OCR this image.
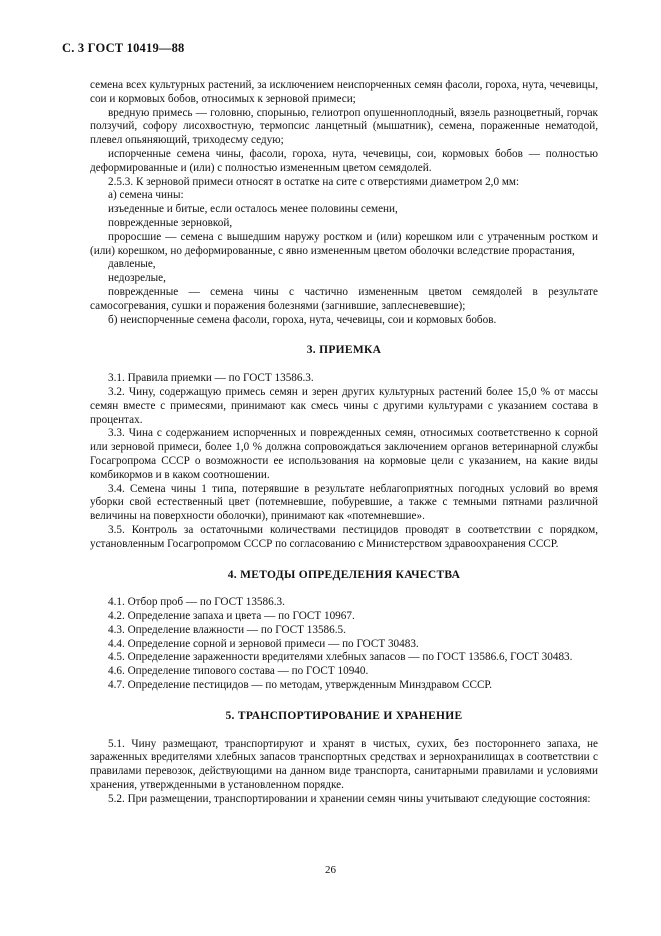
С. 3 ГОСТ 10419—88

семена всех культурных растений, за исключением неиспорченных семян фасоли, гороха, нута, чечевицы, сои и кормовых бобов, относимых к зерновой примеси;

вредную примесь — головню, спорынью, гелиотроп опушенноплодный, вязель разноцветный, горчак ползучий, софору лисохвостную, термопсис ланцетный (мышатник), семена, пораженные нематодой, плевел опьяняющий, триходесму седую;

испорченные семена чины, фасоли, гороха, нута, чечевицы, сои, кормовых бобов — полностью деформированные и (или) с полностью измененным цветом семядолей.

2.5.3. К зерновой примеси относят в остатке на сите с отверстиями диаметром 2,0 мм:

а) семена чины:

изъеденные и битые, если осталось менее половины семени,

поврежденные зерновкой,

проросшие — семена с вышедшим наружу ростком и (или) корешком или с утраченным ростком и (или) корешком, но деформированные, с явно измененным цветом оболочки вследствие прорастания,

давленые,

недозрелые,

поврежденные — семена чины с частично измененным цветом семядолей в результате самосогревания, сушки и поражения болезнями (загнившие, заплесневевшие);

б) неиспорченные семена фасоли, гороха, нута, чечевицы, сои и кормовых бобов.

3. ПРИЕМКА

3.1. Правила приемки — по ГОСТ 13586.3.

3.2. Чину, содержащую примесь семян и зерен других культурных растений более 15,0 % от массы семян вместе с примесями, принимают как смесь чины с другими культурами с указанием состава в процентах.

3.3. Чина с содержанием испорченных и поврежденных семян, относимых соответственно к сорной или зерновой примеси, более 1,0 % должна сопровождаться заключением органов ветеринарной службы Госагропрома СССР о возможности ее использования на кормовые цели с указанием, на какие виды комбикормов и в каком соотношении.

3.4. Семена чины 1 типа, потерявшие в результате неблагоприятных погодных условий во время уборки свой естественный цвет (потемневшие, побуревшие, а также с темными пятнами различной величины на поверхности оболочки), принимают как «потемневшие».

3.5. Контроль за остаточными количествами пестицидов проводят в соответствии с порядком, установленным Госагропромом СССР по согласованию с Министерством здравоохранения СССР.

4. МЕТОДЫ ОПРЕДЕЛЕНИЯ КАЧЕСТВА

4.1. Отбор проб — по ГОСТ 13586.3.

4.2. Определение запаха и цвета — по ГОСТ 10967.

4.3. Определение влажности — по ГОСТ 13586.5.

4.4. Определение сорной и зерновой примеси — по ГОСТ 30483.

4.5. Определение зараженности вредителями хлебных запасов — по ГОСТ 13586.6, ГОСТ 30483.

4.6. Определение типового состава — по ГОСТ 10940.

4.7. Определение пестицидов — по методам, утвержденным Минздравом СССР.

5. ТРАНСПОРТИРОВАНИЕ И ХРАНЕНИЕ

5.1. Чину размещают, транспортируют и хранят в чистых, сухих, без постороннего запаха, не зараженных вредителями хлебных запасов транспортных средствах и зернохранилищах в соответствии с правилами перевозок, действующими на данном виде транспорта, санитарными правилами и условиями хранения, утвержденными в установленном порядке.

5.2. При размещении, транспортировании и хранении семян чины учитывают следующие состояния:

26
